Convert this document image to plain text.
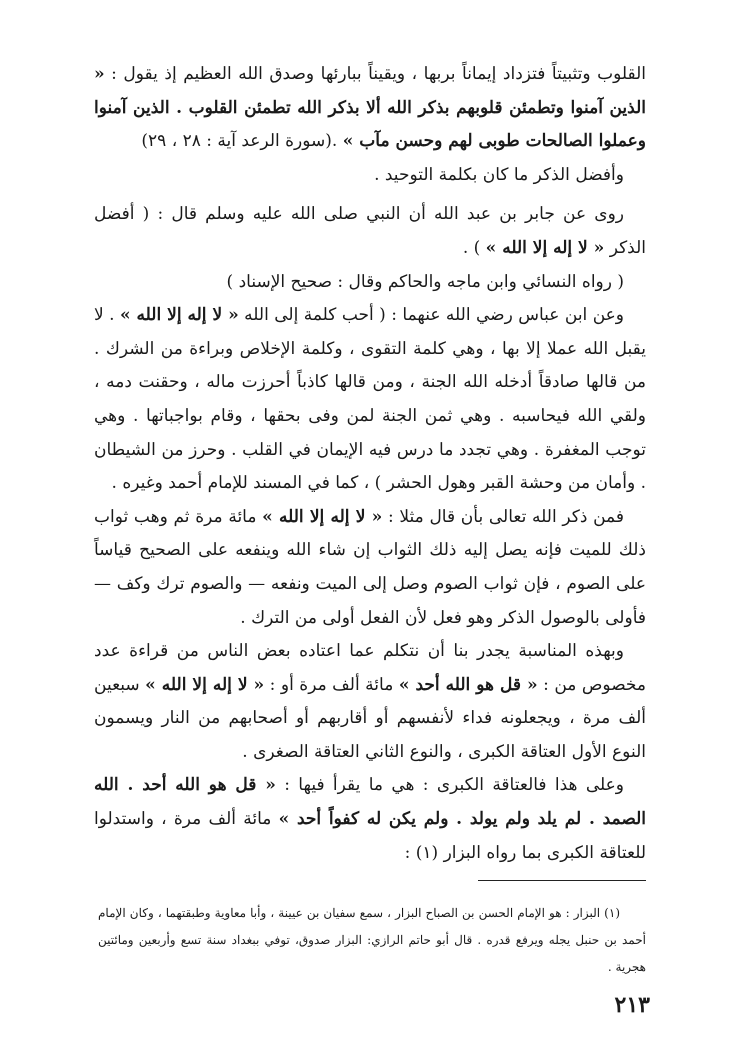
القلوب وتثبيتاً فتزداد إيماناً بربها ، ويقيناً ببارئها وصدق الله العظيم إذ يقول : « الذين آمنوا وتطمئن قلوبهم بذكر الله ألا بذكر الله تطمئن القلوب . الذين آمنوا وعملوا الصالحات طوبى لهم وحسن مآب » .(سورة الرعد آية : ٢٨ ، ٢٩)

وأفضل الذكر ما كان بكلمة التوحيد .

روى عن جابر بن عبد الله أن النبي صلى الله عليه وسلم قال : ( أفضل الذكر « لا إله إلا الله » ) .

( رواه النسائي وابن ماجه والحاكم وقال : صحيح الإسناد )

وعن ابن عباس رضي الله عنهما : ( أحب كلمة إلى الله « لا إله إلا الله » . لا يقبل الله عملا إلا بها ، وهي كلمة التقوى ، وكلمة الإخلاص وبراءة من الشرك . من قالها صادقاً أدخله الله الجنة ، ومن قالها كاذباً أحرزت ماله ، وحقنت دمه ، ولقي الله فيحاسبه . وهي ثمن الجنة لمن وفى بحقها ، وقام بواجباتها . وهي توجب المغفرة . وهي تجدد ما درس فيه الإيمان في القلب . وحرز من الشيطان . وأمان من وحشة القبر وهول الحشر ) ، كما في المسند للإمام أحمد وغيره .

فمن ذكر الله تعالى بأن قال مثلا : « لا إله إلا الله » مائة مرة ثم وهب ثواب ذلك للميت فإنه يصل إليه ذلك الثواب إن شاء الله وينفعه على الصحيح قياساً على الصوم ، فإن ثواب الصوم وصل إلى الميت ونفعه — والصوم ترك وكف — فأولى بالوصول الذكر وهو فعل لأن الفعل أولى من الترك .

وبهذه المناسبة يجدر بنا أن نتكلم عما اعتاده بعض الناس من قراءة عدد مخصوص من : « قل هو الله أحد » مائة ألف مرة أو : « لا إله إلا الله » سبعين ألف مرة ، ويجعلونه فداء لأنفسهم أو أقاربهم أو أصحابهم من النار ويسمون النوع الأول العتاقة الكبرى ، والنوع الثاني العتاقة الصغرى .

وعلى هذا فالعتاقة الكبرى : هي ما يقرأ فيها : « قل هو الله أحد . الله الصمد . لم يلد ولم يولد . ولم يكن له كفواً أحد » مائة ألف مرة ، واستدلوا للعتاقة الكبرى بما رواه البزار (١) :

(١) البزار : هو الإمام الحسن بن الصباح البزار ، سمع سفيان بن عيينة ، وأبا معاوية وطبقتهما ، وكان الإمام أحمد بن حنبل يجله ويرفع قدره . قال أبو حاتم الرازي: البزار صدوق، توفي ببغداد سنة تسع وأربعين ومائتين هجرية .

٢١٣
